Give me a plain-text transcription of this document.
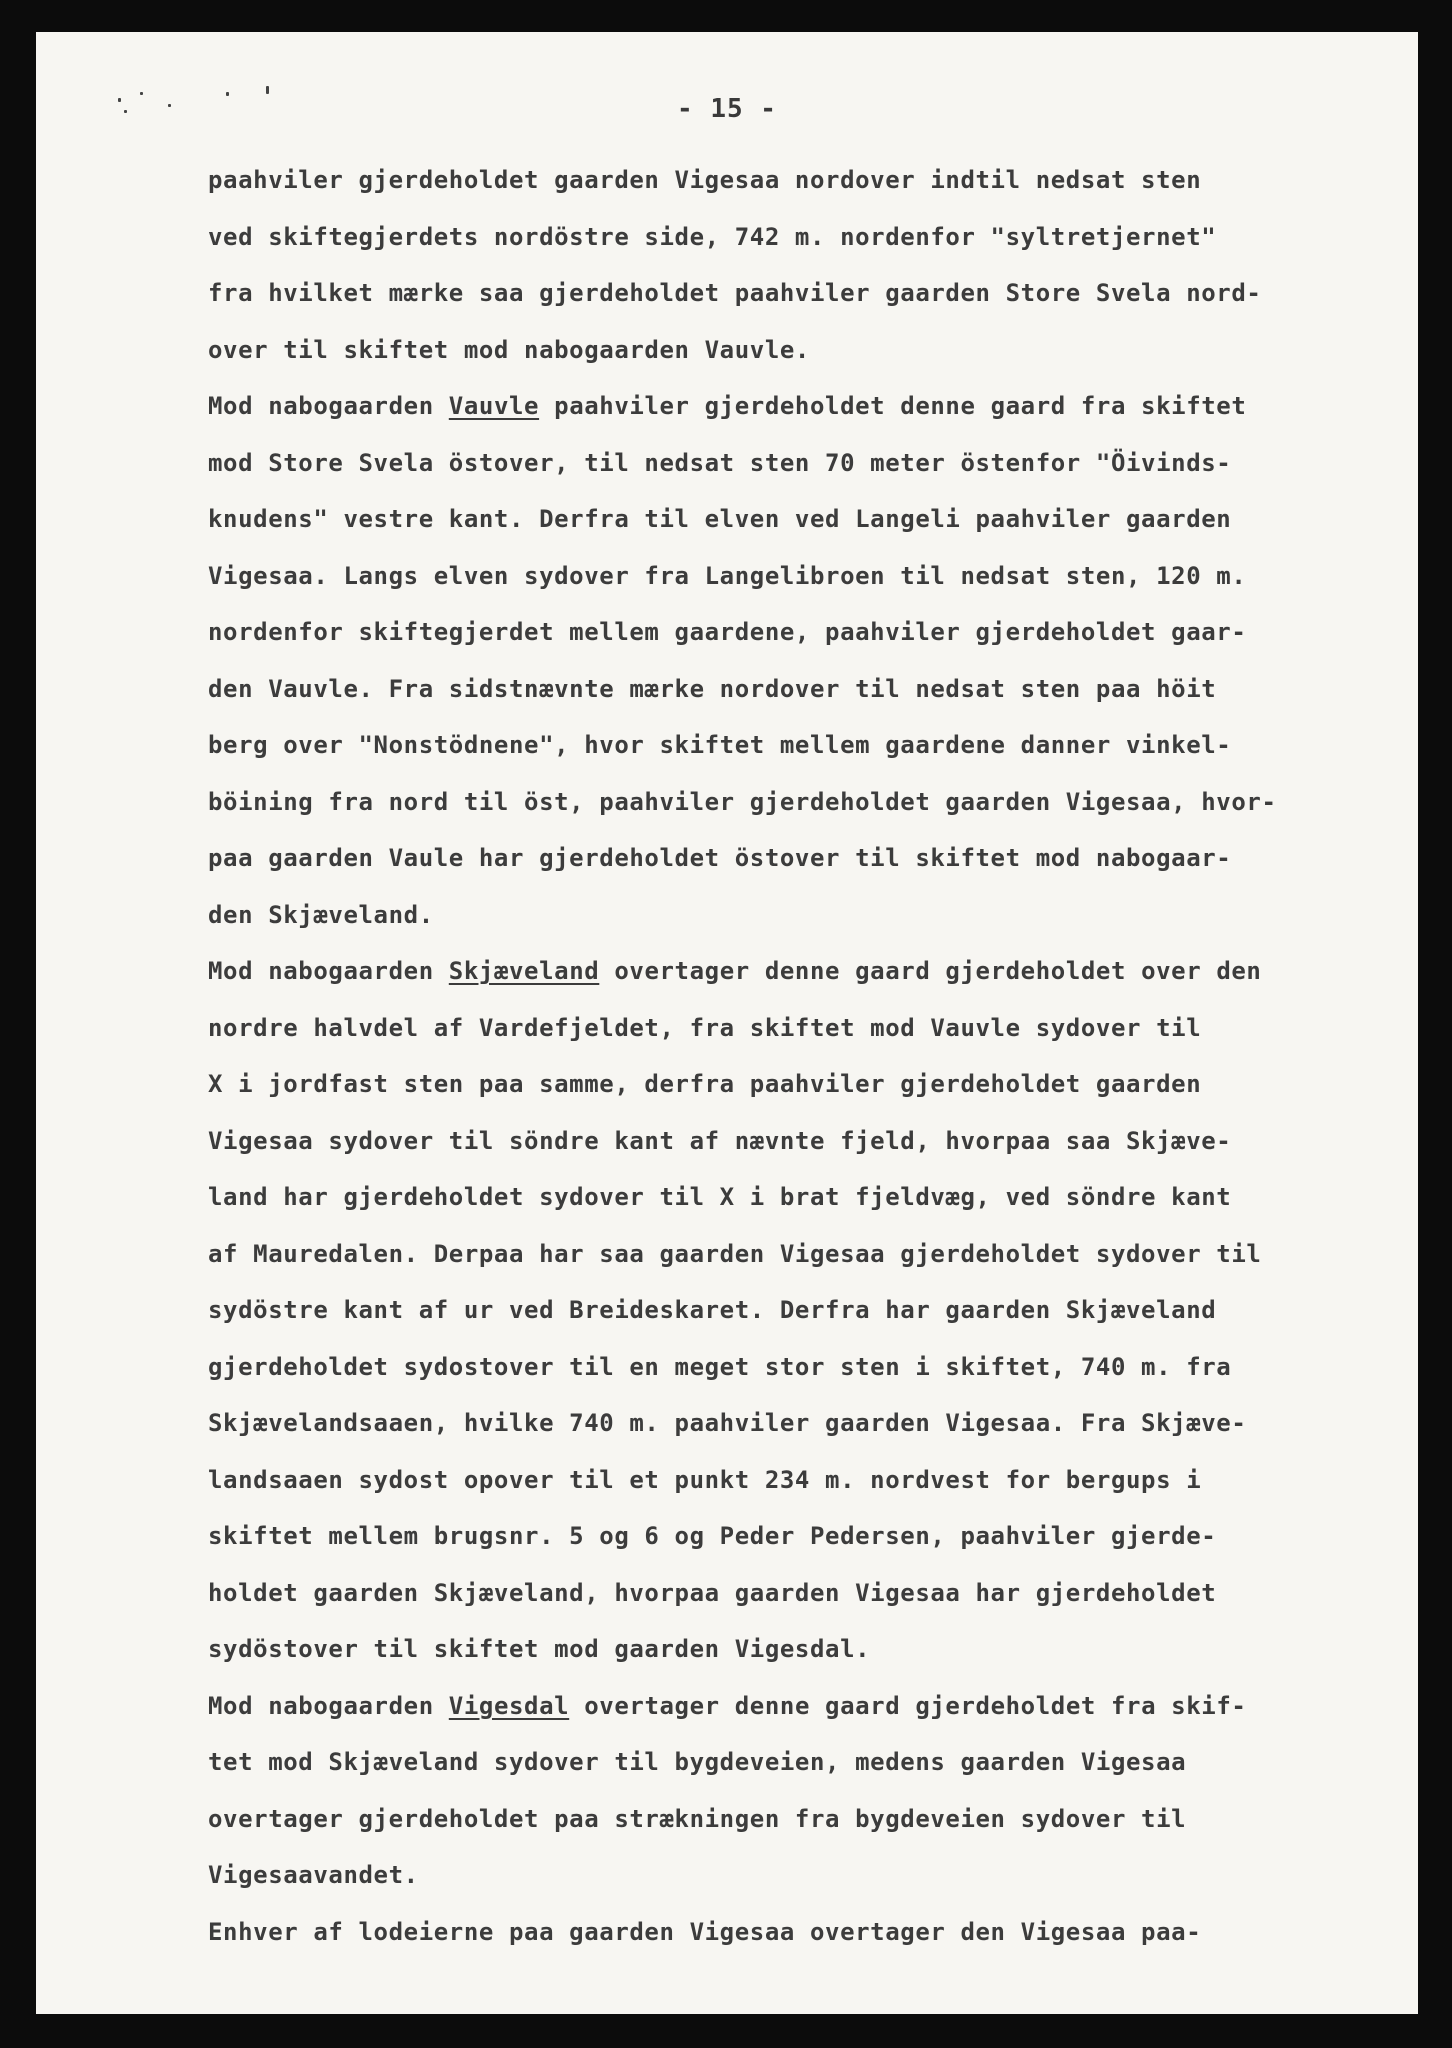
- 15 -
paahviler gjerdeholdet gaarden Vigesaa nordover indtil nedsat sten
ved skiftegjerdets nordöstre side, 742 m. nordenfor "syltretjernet"
fra hvilket mærke saa gjerdeholdet paahviler gaarden Store Svela nord-
over til skiftet mod nabogaarden Vauvle.
Mod nabogaarden Vauvle paahviler gjerdeholdet denne gaard fra skiftet
mod Store Svela östover, til nedsat sten 70 meter östenfor "Öivinds-
knudens" vestre kant. Derfra til elven ved Langeli paahviler gaarden
Vigesaa. Langs elven sydover fra Langelibroen til nedsat sten, 120 m.
nordenfor skiftegjerdet mellem gaardene, paahviler gjerdeholdet gaar-
den Vauvle. Fra sidstnævnte mærke nordover til nedsat sten paa höit
berg over "Nonstödnene", hvor skiftet mellem gaardene danner vinkel-
böining fra nord til öst, paahviler gjerdeholdet gaarden Vigesaa, hvor-
paa gaarden Vaule har gjerdeholdet östover til skiftet mod nabogaar-
den Skjæveland.
Mod nabogaarden Skjæveland overtager denne gaard gjerdeholdet over den
nordre halvdel af Vardefjeldet, fra skiftet mod Vauvle sydover til
X i jordfast sten paa samme, derfra paahviler gjerdeholdet gaarden
Vigesaa sydover til söndre kant af nævnte fjeld, hvorpaa saa Skjæve-
land har gjerdeholdet sydover til X i brat fjeldvæg, ved söndre kant
af Mauredalen. Derpaa har saa gaarden Vigesaa gjerdeholdet sydover til
sydöstre kant af ur ved Breideskaret. Derfra har gaarden Skjæveland
gjerdeholdet sydostover til en meget stor sten i skiftet, 740 m. fra
Skjævelandsaaen, hvilke 740 m. paahviler gaarden Vigesaa. Fra Skjæve-
landsaaen sydost opover til et punkt 234 m. nordvest for bergups i
skiftet mellem brugsnr. 5 og 6 og Peder Pedersen, paahviler gjerde-
holdet gaarden Skjæveland, hvorpaa gaarden Vigesaa har gjerdeholdet
sydöstover til skiftet mod gaarden Vigesdal.
Mod nabogaarden Vigesdal overtager denne gaard gjerdeholdet fra skif-
tet mod Skjæveland sydover til bygdeveien, medens gaarden Vigesaa
overtager gjerdeholdet paa strækningen fra bygdeveien sydover til
Vigesaavandet.
Enhver af lodeierne paa gaarden Vigesaa overtager den Vigesaa paa-
